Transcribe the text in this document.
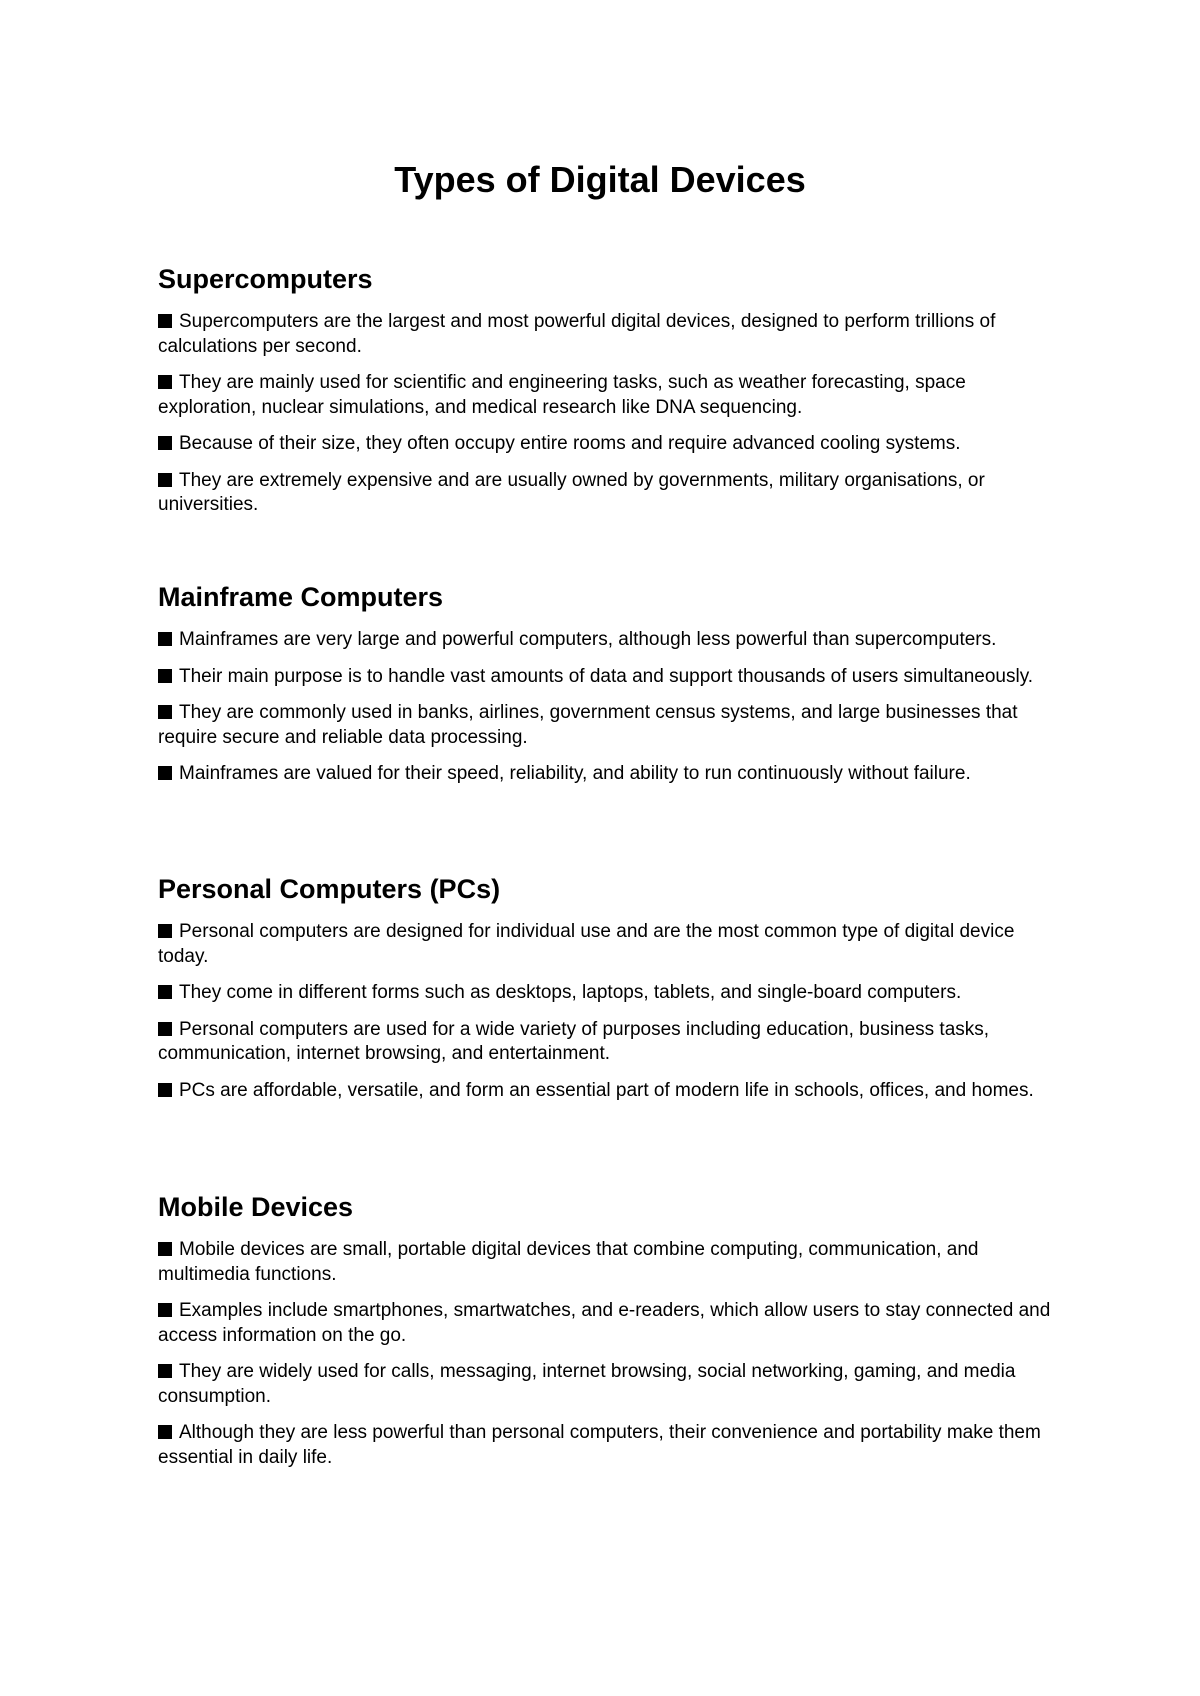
Types of Digital Devices
Supercomputers

Supercomputers are the largest and most powerful digital devices, designed to perform trillions of calculations per second.

They are mainly used for scientific and engineering tasks, such as weather forecasting, space exploration, nuclear simulations, and medical research like DNA sequencing.

Because of their size, they often occupy entire rooms and require advanced cooling systems.

They are extremely expensive and are usually owned by governments, military organisations, or universities.

Mainframe Computers

Mainframes are very large and powerful computers, although less powerful than supercomputers.

Their main purpose is to handle vast amounts of data and support thousands of users simultaneously.

They are commonly used in banks, airlines, government census systems, and large businesses that require secure and reliable data processing.

Mainframes are valued for their speed, reliability, and ability to run continuously without failure.

Personal Computers (PCs)

Personal computers are designed for individual use and are the most common type of digital device today.

They come in different forms such as desktops, laptops, tablets, and single-board computers.

Personal computers are used for a wide variety of purposes including education, business tasks, communication, internet browsing, and entertainment.

PCs are affordable, versatile, and form an essential part of modern life in schools, offices, and homes.

Mobile Devices

Mobile devices are small, portable digital devices that combine computing, communication, and multimedia functions.

Examples include smartphones, smartwatches, and e-readers, which allow users to stay connected and access information on the go.

They are widely used for calls, messaging, internet browsing, social networking, gaming, and media consumption.

Although they are less powerful than personal computers, their convenience and portability make them essential in daily life.
